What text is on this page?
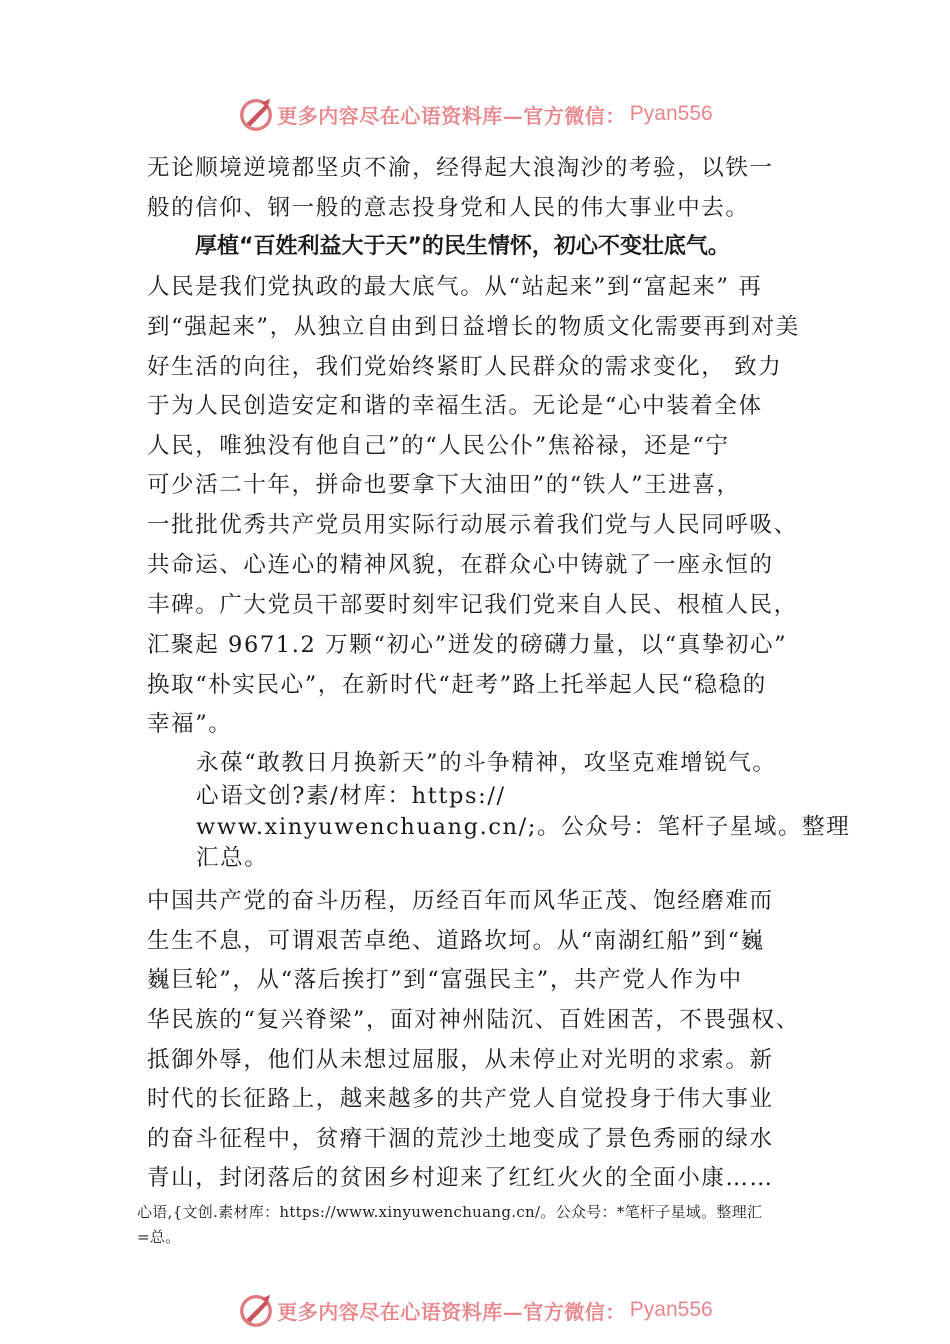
更多内容尽在心语资料库—官方微信： Pyan556
无论顺境逆境都坚贞不渝，经得起大浪淘沙的考验，以铁一
般的信仰、钢一般的意志投身党和人民的伟大事业中去。
厚植“百姓利益大于天”的民生情怀，初心不变壮底气。
人民是我们党执政的最大底气。从“站起来”到“富起来” 再
到“强起来”，从独立自由到日益增长的物质文化需要再到对美
好生活的向往，我们党始终紧盯人民群众的需求变化， 致力
于为人民创造安定和谐的幸福生活。无论是“心中装着全体
人民，唯独没有他自己”的“人民公仆”焦裕禄，还是“宁
可少活二十年，拼命也要拿下大油田”的“铁人”王进喜，
一批批优秀共产党员用实际行动展示着我们党与人民同呼吸、
共命运、心连心的精神风貌，在群众心中铸就了一座永恒的
丰碑。广大党员干部要时刻牢记我们党来自人民、根植人民，
汇聚起 9671.2 万颗“初心”迸发的磅礴力量，以“真挚初心”
换取“朴实民心”，在新时代“赶考”路上托举起人民“稳稳的
幸福”。
永葆“敢教日月换新天”的斗争精神，攻坚克难增锐气。
心语文创?素/材库：https://
www.xinyuwenchuang.cn/;。公众号：笔杆子星域。整理
汇总。
中国共产党的奋斗历程，历经百年而风华正茂、饱经磨难而
生生不息，可谓艰苦卓绝、道路坎坷。从“南湖红船”到“巍
巍巨轮”，从“落后挨打”到“富强民主”，共产党人作为中
华民族的“复兴脊梁”，面对神州陆沉、百姓困苦，不畏强权、
抵御外辱，他们从未想过屈服，从未停止对光明的求索。新
时代的长征路上，越来越多的共产党人自觉投身于伟大事业
的奋斗征程中，贫瘠干涸的荒沙土地变成了景色秀丽的绿水
青山，封闭落后的贫困乡村迎来了红红火火的全面小康……
心语,{文创.素材库：https://www.xinyuwenchuang.cn/。公众号：*笔杆子星域。整理汇
=总。
更多内容尽在心语资料库—官方微信： Pyan556
